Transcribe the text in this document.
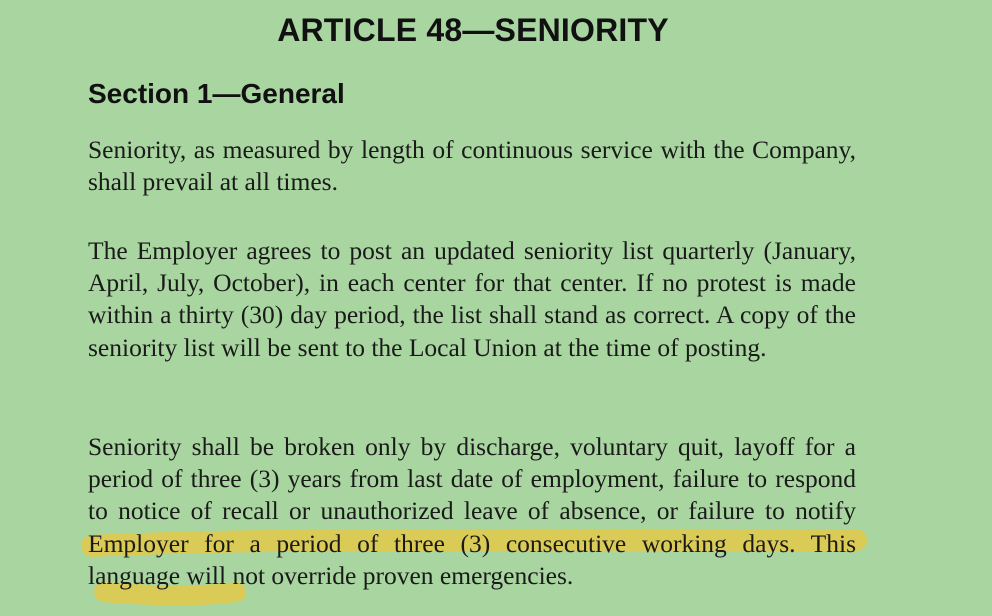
ARTICLE 48—SENIORITY
Section 1—General

Seniority, as measured by length of continuous service with the Company, shall prevail at all times.

The Employer agrees to post an updated seniority list quarterly (January, April, July, October), in each center for that center. If no protest is made within a thirty (30) day period, the list shall stand as correct. A copy of the seniority list will be sent to the Local Union at the time of posting.

Seniority shall be broken only by discharge, voluntary quit, layoff for a period of three (3) years from last date of employment, failure to respond to notice of recall or unauthorized leave of absence, or failure to notify Employer for a period of three (3) consecutive working days. This language will not override proven emergencies.
